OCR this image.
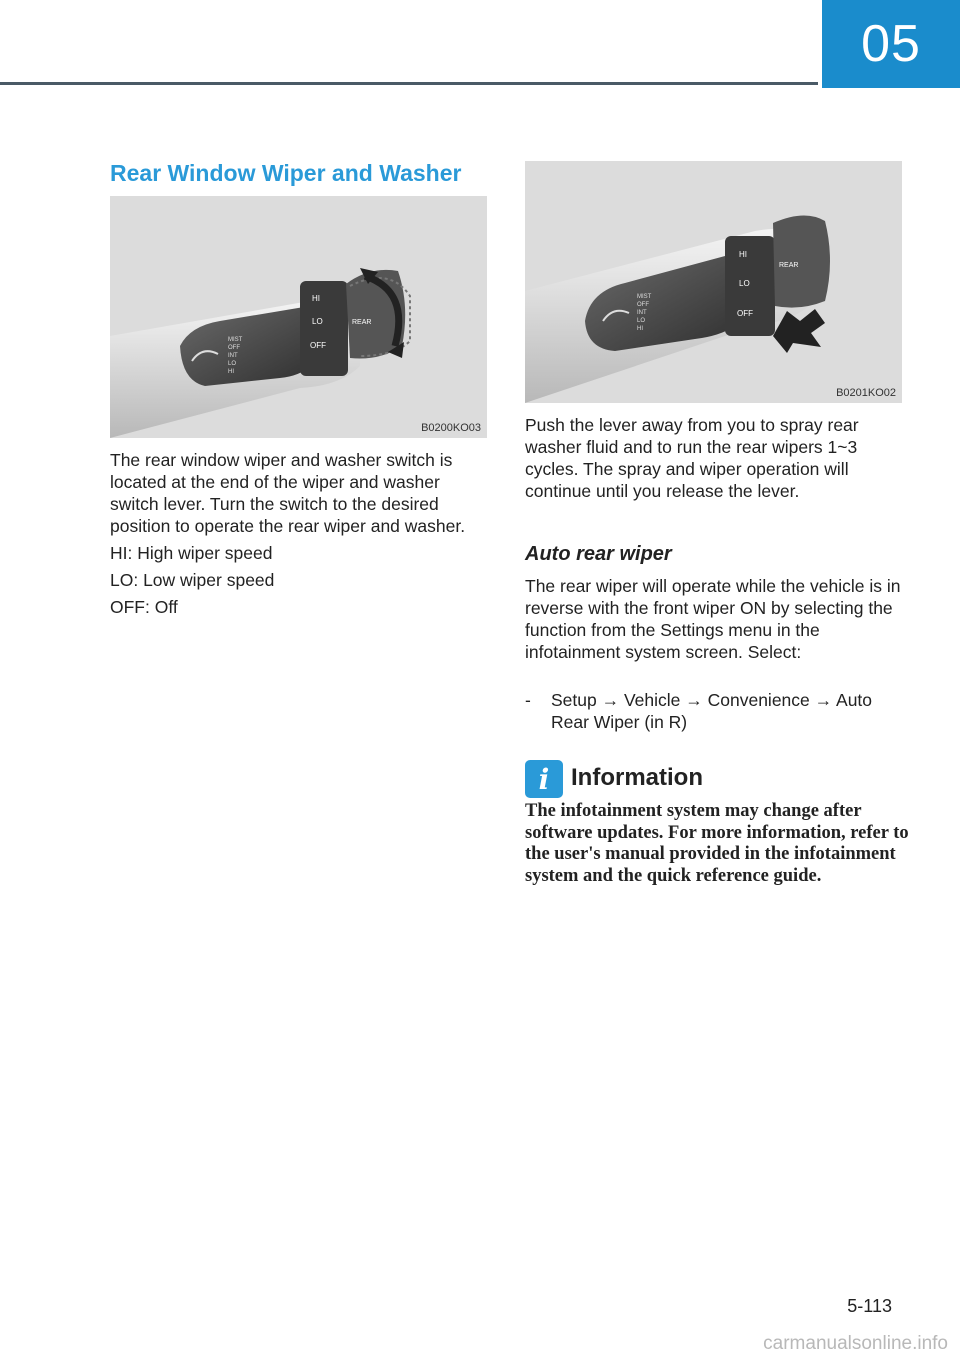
05
Rear Window Wiper and Washer
HI
LO
OFF
REAR
MIST
OFF
INT
LO
HI
B0200KO03

The rear window wiper and washer switch is located at the end of the wiper and washer switch lever. Turn the switch to the desired position to operate the rear wiper and washer.

HI: High wiper speed

LO: Low wiper speed

OFF: Off

HI
LO
OFF
REAR
MIST
OFF
INT
LO
HI
B0201KO02

Push the lever away from you to spray rear washer fluid and to run the rear wipers 1~3 cycles. The spray and wiper operation will continue until you release the lever.

Auto rear wiper

The rear wiper will operate while the vehicle is in reverse with the front wiper ON by selecting the function from the Settings menu in the infotainment system screen. Select:

- Setup → Vehicle → Convenience → Auto Rear Wiper (in R)
i Information
The infotainment system may change after software updates. For more information, refer to the user's manual provided in the infotainment system and the quick reference guide.
5-113
carmanualsonline.info
